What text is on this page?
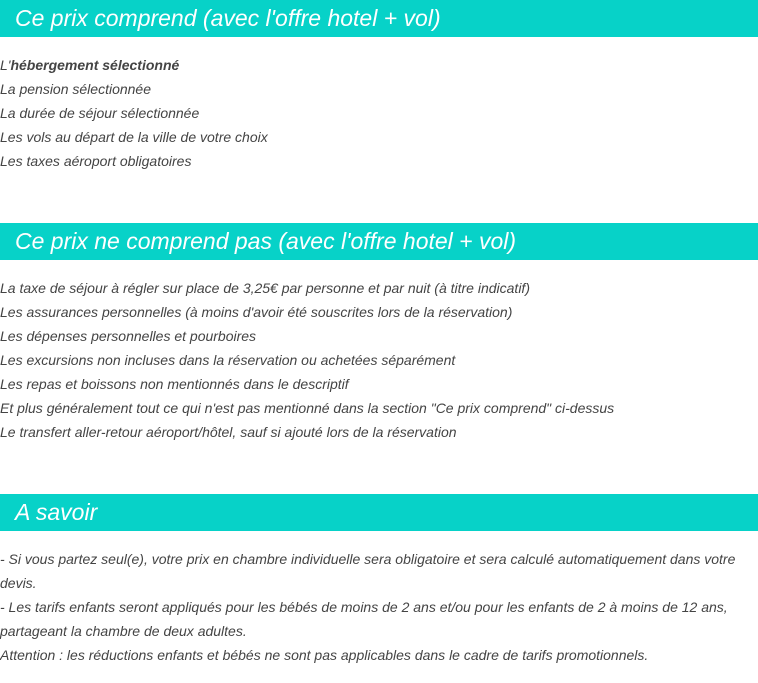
Ce prix comprend (avec l'offre hotel + vol)
L'hébergement sélectionné
La pension sélectionnée
La durée de séjour sélectionnée
Les vols au départ de la ville de votre choix
Les taxes aéroport obligatoires
Ce prix ne comprend pas (avec l'offre hotel + vol)
La taxe de séjour à régler sur place de 3,25€ par personne et par nuit (à titre indicatif)
Les assurances personnelles (à moins d'avoir été souscrites lors de la réservation)
Les dépenses personnelles et pourboires
Les excursions non incluses dans la réservation ou achetées séparément
Les repas et boissons non mentionnés dans le descriptif
Et plus généralement tout ce qui n'est pas mentionné dans la section "Ce prix comprend" ci-dessus
Le transfert aller-retour aéroport/hôtel, sauf si ajouté lors de la réservation
A savoir

- Si vous partez seul(e), votre prix en chambre individuelle sera obligatoire et sera calculé automatiquement dans votre devis.

- Les tarifs enfants seront appliqués pour les bébés de moins de 2 ans et/ou pour les enfants de 2 à moins de 12 ans, partageant la chambre de deux adultes.

Attention : les réductions enfants et bébés ne sont pas applicables dans le cadre de tarifs promotionnels.
